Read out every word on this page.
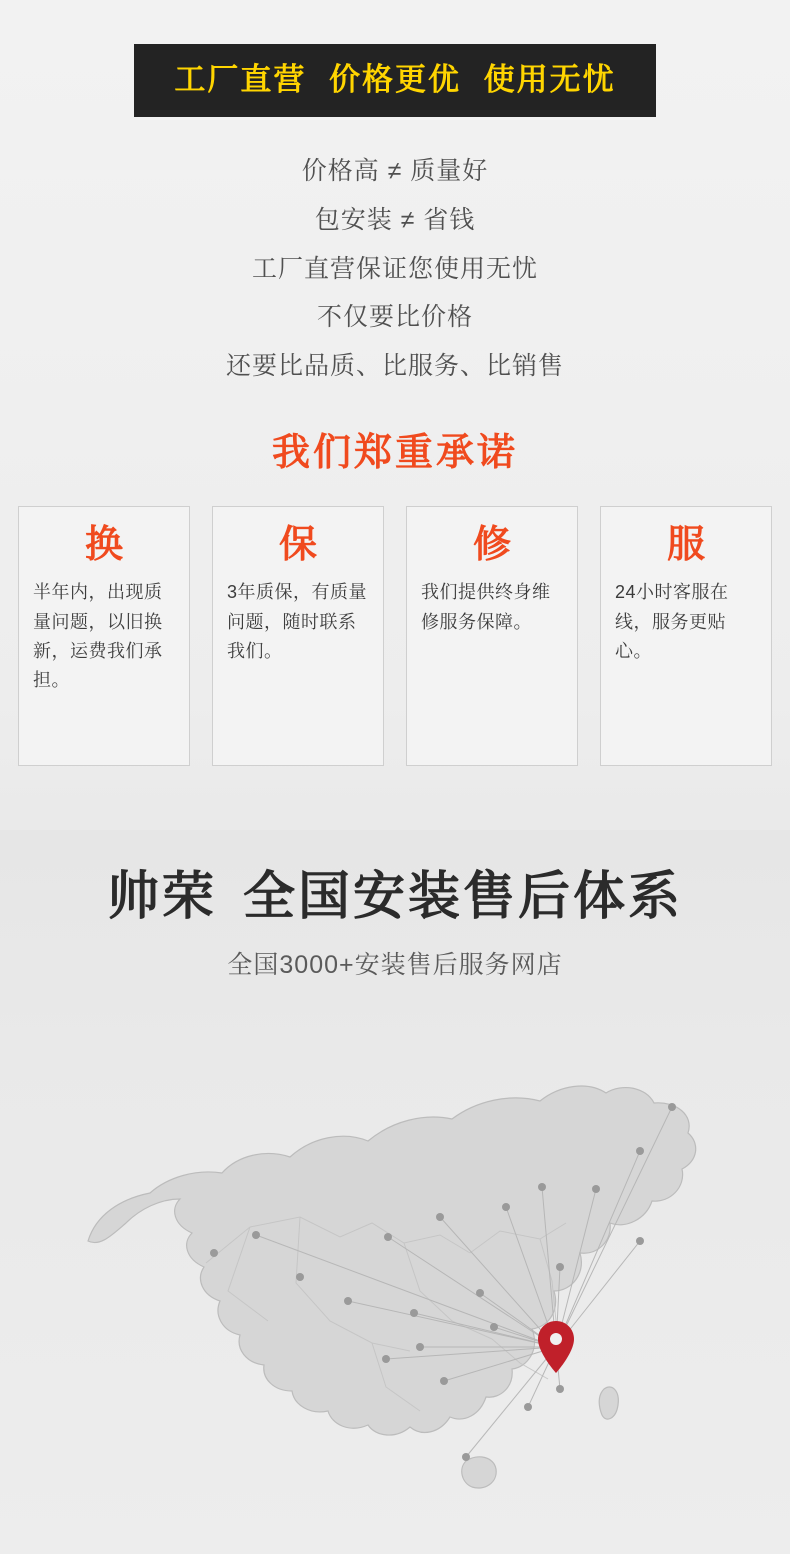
工厂直营 价格更优 使用无忧
价格高 ≠ 质量好
包安装 ≠ 省钱
工厂直营保证您使用无忧
不仅要比价格
还要比品质、比服务、比销售
我们郑重承诺
换
半年内，出现质量问题，以旧换新，运费我们承担。
保
3年质保，有质量问题，随时联系我们。
修
我们提供终身维修服务保障。
服
24小时客服在线，服务更贴心。
帅荣 全国安装售后体系
全国3000+安装售后服务网店
